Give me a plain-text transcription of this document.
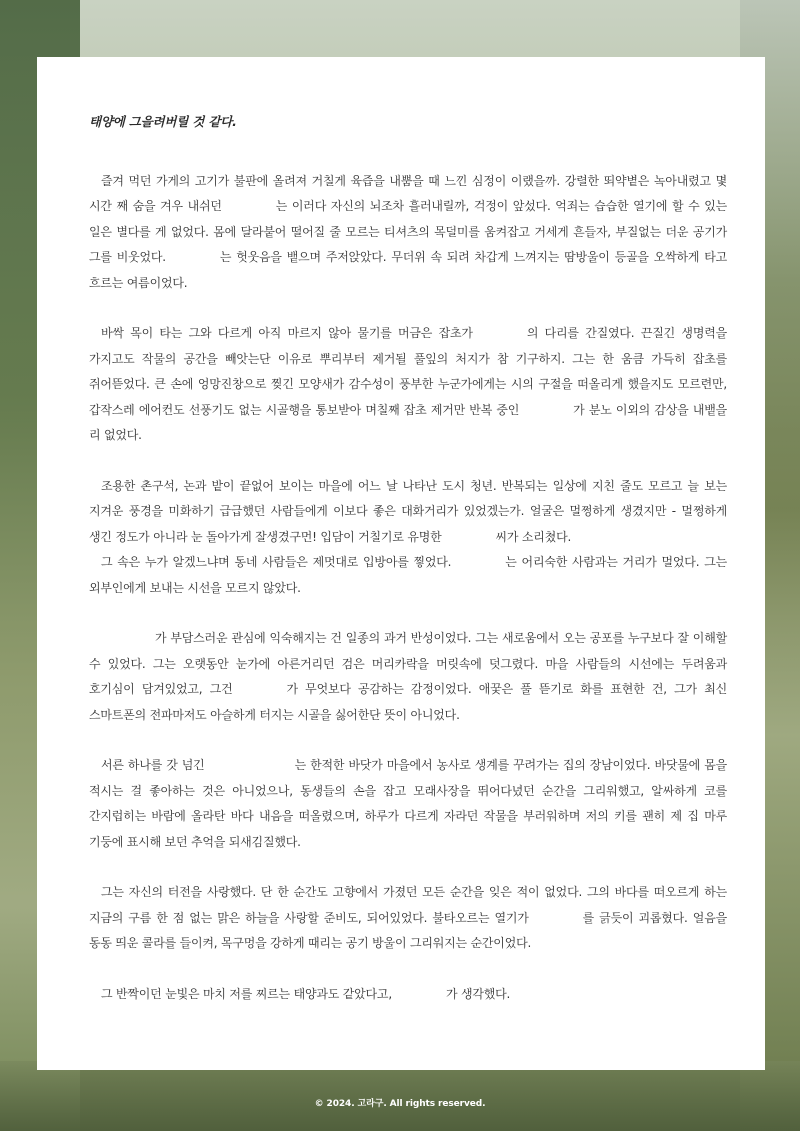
태양에 그을려버릴 것 같다.

즐겨 먹던 가게의 고기가 불판에 올려져 거칠게 육즙을 내뿜을 때 느낀 심정이 이랬을까. 강렬한 뙤약볕은 녹아내렸고 몇 시간 째 숨을 겨우 내쉬던	는 이러다 자신의 뇌조차 흘러내릴까, 걱정이 앞섰다. 억죄는 습습한 열기에 할 수 있는 일은 별다를 게 없었다. 몸에 달라붙어 떨어질 줄 모르는 티셔츠의 목덜미를 움켜잡고 거세게 흔들자, 부질없는 더운 공기가 그를 비웃었다.	는 헛웃음을 뱉으며 주저앉았다. 무더위 속 되려 차갑게 느껴지는 땀방울이 등골을 오싹하게 타고 흐르는 여름이었다.

바싹 목이 타는 그와 다르게 아직 마르지 않아 물기를 머금은 잡초가	의 다리를 간질였다. 끈질긴 생명력을 가지고도 작물의 공간을 빼앗는단 이유로 뿌리부터 제거될 풀잎의 처지가 참 기구하지. 그는 한 움큼 가득히 잡초를 쥐어뜯었다. 큰 손에 엉망진창으로 찢긴 모양새가 감수성이 풍부한 누군가에게는 시의 구절을 떠올리게 했을지도 모르련만, 갑작스레 에어컨도 선풍기도 없는 시골행을 통보받아 며칠째 잡초 제거만 반복 중인	가 분노 이외의 감상을 내뱉을 리 없었다.

조용한 촌구석, 논과 밭이 끝없어 보이는 마을에 어느 날 나타난 도시 청년. 반복되는 일상에 지친 줄도 모르고 늘 보는 지겨운 풍경을 미화하기 급급했던 사람들에게 이보다 좋은 대화거리가 있었겠는가. 얼굴은 멀쩡하게 생겼지만 - 멀쩡하게 생긴 정도가 아니라 눈 돌아가게 잘생겼구먼! 입담이 거칠기로 유명한	씨가 소리쳤다.

그 속은 누가 알겠느냐며 동네 사람들은 제멋대로 입방아를 찧었다.	는 어리숙한 사람과는 거리가 멀었다. 그는 외부인에게 보내는 시선을 모르지 않았다.

가 부담스러운 관심에 익숙해지는 건 일종의 과거 반성이었다. 그는 새로움에서 오는 공포를 누구보다 잘 이해할 수 있었다. 그는 오랫동안 눈가에 아른거리던 검은 머리카락을 머릿속에 덧그렸다. 마을 사람들의 시선에는 두려움과 호기심이 담겨있었고, 그건	가 무엇보다 공감하는 감정이었다. 애꿎은 풀 뜯기로 화를 표현한 건, 그가 최신 스마트폰의 전파마저도 아슬하게 터지는 시골을 싫어한단 뜻이 아니었다.

서른 하나를 갓 넘긴	는 한적한 바닷가 마을에서 농사로 생계를 꾸려가는 집의 장남이었다. 바닷물에 몸을 적시는 걸 좋아하는 것은 아니었으나, 동생들의 손을 잡고 모래사장을 뛰어다녔던 순간을 그리워했고, 알싸하게 코를 간지럽히는 바람에 올라탄 바다 내음을 떠올렸으며, 하루가 다르게 자라던 작물을 부러워하며 저의 키를 괜히 제 집 마루 기둥에 표시해 보던 추억을 되새김질했다.

그는 자신의 터전을 사랑했다. 단 한 순간도 고향에서 가졌던 모든 순간을 잊은 적이 없었다. 그의 바다를 떠오르게 하는 지금의 구름 한 점 없는 맑은 하늘을 사랑할 준비도, 되어있었다. 불타오르는 열기가	를 긁듯이 괴롭혔다. 얼음을 동동 띄운 콜라를 들이켜, 목구멍을 강하게 때리는 공기 방울이 그리워지는 순간이었다.

그 반짝이던 눈빛은 마치 저를 찌르는 태양과도 같았다고,	가 생각했다.

© 2024. 고라구. All rights reserved.
